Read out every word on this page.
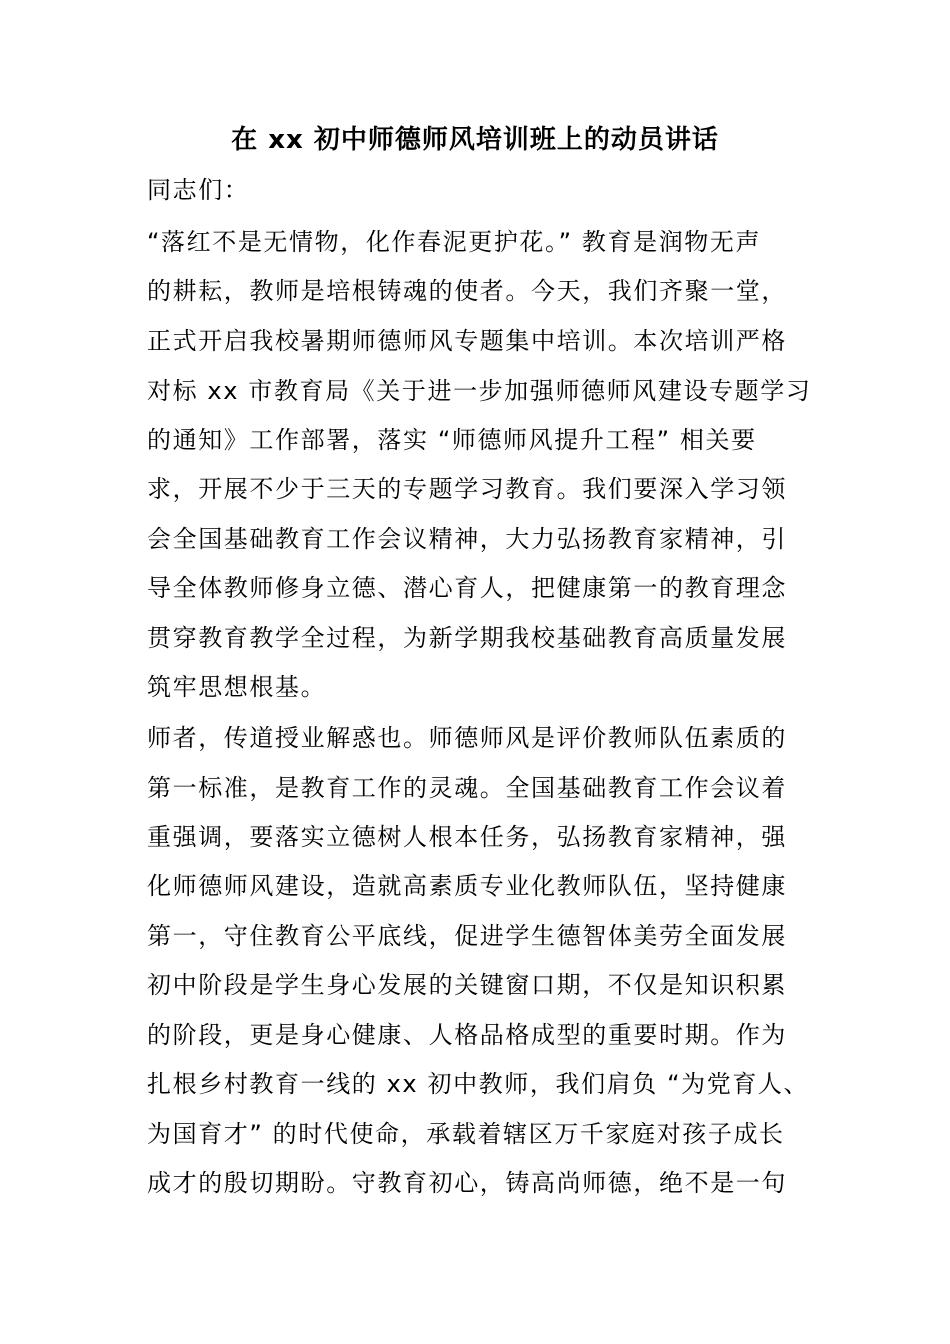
在 xx 初中师德师风培训班上的动员讲话
同志们：
“落红不是无情物，化作春泥更护花。” 教育是润物无声
的耕耘，教师是培根铸魂的使者。今天，我们齐聚一堂，
正式开启我校暑期师德师风专题集中培训。本次培训严格
对标 xx 市教育局《关于进一步加强师德师风建设专题学习
的通知》工作部署，落实 “师德师风提升工程” 相关要
求，开展不少于三天的专题学习教育。我们要深入学习领
会全国基础教育工作会议精神，大力弘扬教育家精神，引
导全体教师修身立德、潜心育人，把健康第一的教育理念
贯穿教育教学全过程，为新学期我校基础教育高质量发展
筑牢思想根基。
师者，传道授业解惑也。师德师风是评价教师队伍素质的
第一标准，是教育工作的灵魂。全国基础教育工作会议着
重强调，要落实立德树人根本任务，弘扬教育家精神，强
化师德师风建设，造就高素质专业化教师队伍，坚持健康
第一，守住教育公平底线，促进学生德智体美劳全面发展
初中阶段是学生身心发展的关键窗口期，不仅是知识积累
的阶段，更是身心健康、人格品格成型的重要时期。作为
扎根乡村教育一线的 xx 初中教师，我们肩负 “为党育人、
为国育才” 的时代使命，承载着辖区万千家庭对孩子成长
成才的殷切期盼。守教育初心，铸高尚师德，绝不是一句
